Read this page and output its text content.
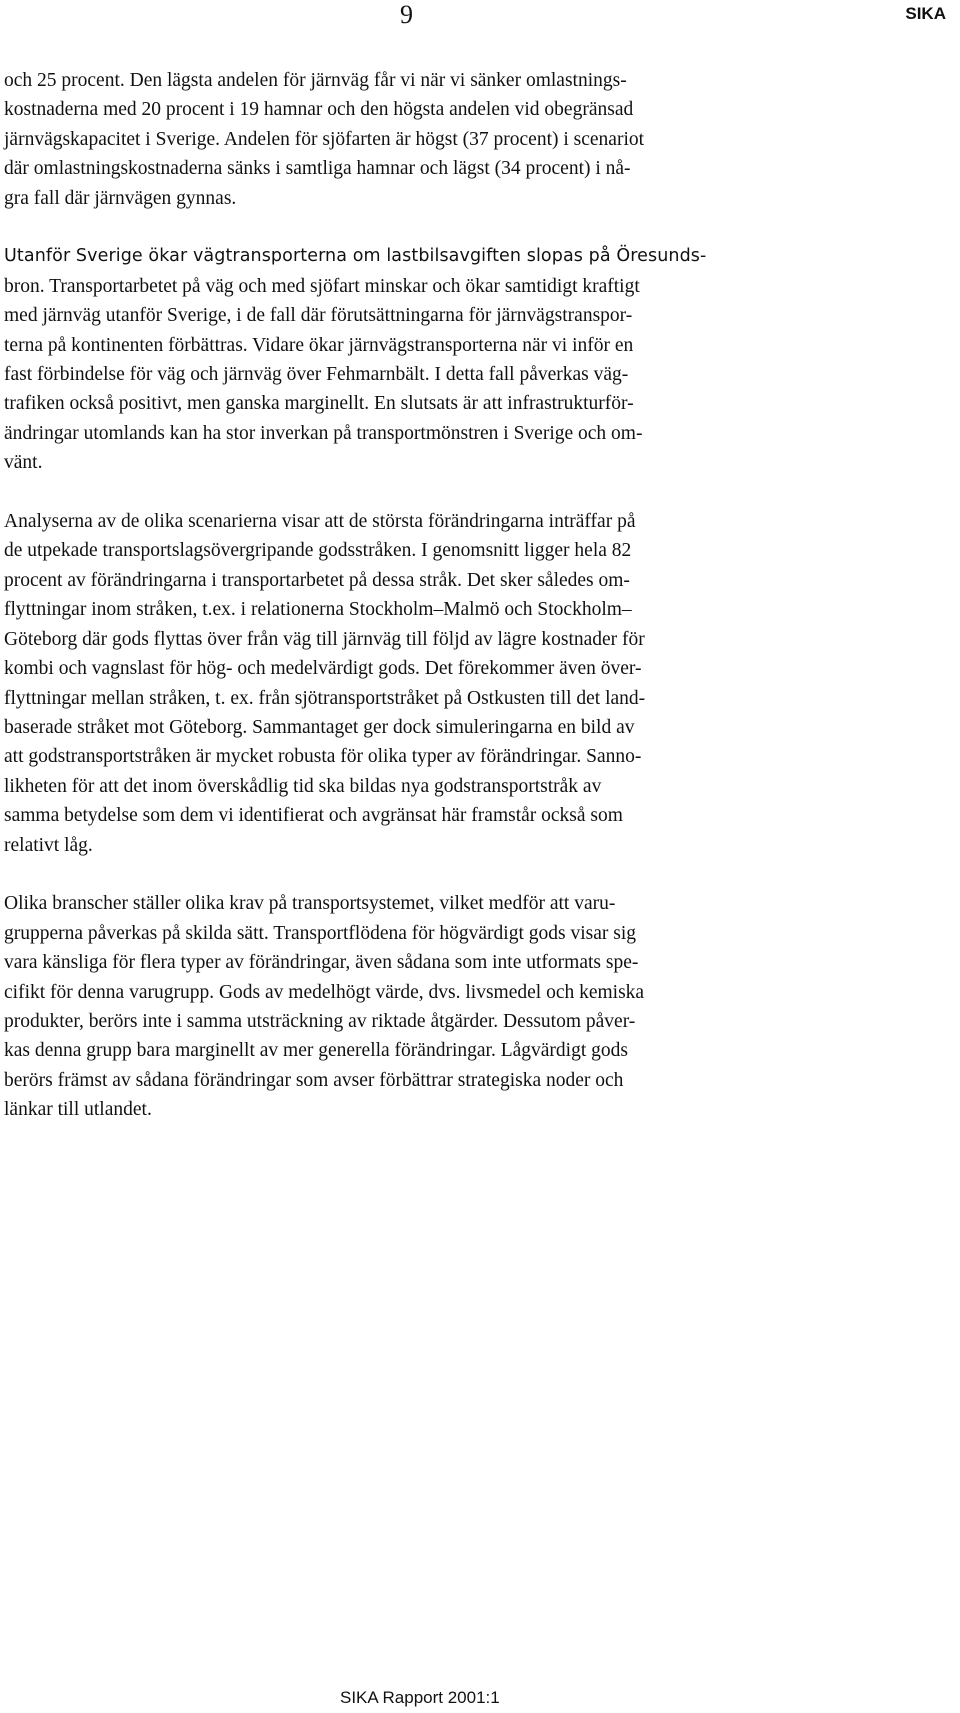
9	SIKA
och 25 procent. Den lägsta andelen för järnväg får vi när vi sänker omlastnings-
kostnaderna med 20 procent i 19 hamnar och den högsta andelen vid obegränsad
järnvägskapacitet i Sverige. Andelen för sjöfarten är högst (37 procent) i scenariot
där omlastningskostnaderna sänks i samtliga hamnar och lägst (34 procent) i nå-
gra fall där järnvägen gynnas.
Utanför Sverige ökar vägtransporterna om lastbilsavgiften slopas på Öresunds-
bron. Transportarbetet på väg och med sjöfart minskar och ökar samtidigt kraftigt
med järnväg utanför Sverige, i de fall där förutsättningarna för järnvägstranspor-
terna på kontinenten förbättras. Vidare ökar järnvägstransporterna när vi inför en
fast förbindelse för väg och järnväg över Fehmarnbält. I detta fall påverkas väg-
trafiken också positivt, men ganska marginellt. En slutsats är att infrastrukturför-
ändringar utomlands kan ha stor inverkan på transportmönstren i Sverige och om-
vänt.
Analyserna av de olika scenarierna visar att de största förändringarna inträffar på
de utpekade transportslagsövergripande godsstråken. I genomsnitt ligger hela 82
procent av förändringarna i transportarbetet på dessa stråk. Det sker således om-
flyttningar inom stråken, t.ex. i relationerna Stockholm–Malmö och Stockholm–
Göteborg där gods flyttas över från väg till järnväg till följd av lägre kostnader för
kombi och vagnslast för hög- och medelvärdigt gods. Det förekommer även över-
flyttningar mellan stråken, t. ex. från sjötransportstråket på Ostkusten till det land-
baserade stråket mot Göteborg. Sammantaget ger dock simuleringarna en bild av
att godstransportstråken är mycket robusta för olika typer av förändringar. Sanno-
likheten för att det inom överskådlig tid ska bildas nya godstransportstråk av
samma betydelse som dem vi identifierat och avgränsat här framstår också som
relativt låg.
Olika branscher ställer olika krav på transportsystemet, vilket medför att varu-
grupperna påverkas på skilda sätt. Transportflödena för högvärdigt gods visar sig
vara känsliga för flera typer av förändringar, även sådana som inte utformats spe-
cifikt för denna varugrupp. Gods av medelhögt värde, dvs. livsmedel och kemiska
produkter, berörs inte i samma utsträckning av riktade åtgärder. Dessutom påver-
kas denna grupp bara marginellt av mer generella förändringar. Lågvärdigt gods
berörs främst av sådana förändringar som avser förbättrar strategiska noder och
länkar till utlandet.
SIKA Rapport 2001:1
